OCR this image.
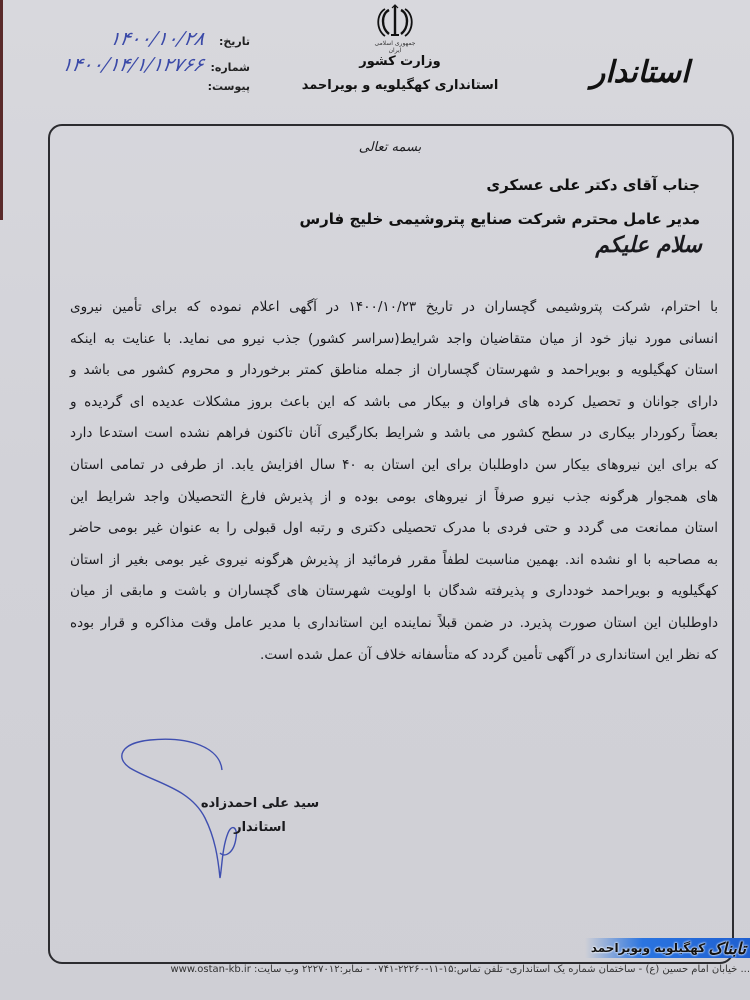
تاریخ:
۱۴۰۰/۱۰/۲۸
شماره:
۱۴۰۰/۱۴/۱/۱۲۷۶۶
پیوست:
جمهوری اسلامی ایران
وزارت کشور
استانداری کهگیلویه و بویراحمد	استاندار
بسمه تعالی
جناب آقای دکتر علی عسکری
مدیر عامل محترم شرکت صنایع پتروشیمی خلیج فارس
سلام علیکم
با احترام، شرکت پتروشیمی گچساران در تاریخ ۱۴۰۰/۱۰/۲۳ در آگهی اعلام نموده که برای تأمین نیروی
انسانی مورد نیاز خود از میان متقاضیان واجد شرایط(سراسر کشور) جذب نیرو می نماید. با عنایت به اینکه
استان کهگیلویه و بویراحمد و شهرستان گچساران از جمله مناطق کمتر برخوردار و محروم کشور می باشد و
دارای جوانان و تحصیل کرده های فراوان و بیکار می باشد که این باعث بروز مشکلات عدیده ای گردیده و
بعضاً رکوردار بیکاری در سطح کشور می باشد و شرایط بکارگیری آنان تاکنون فراهم نشده است استدعا دارد
که برای این نیروهای بیکار سن داوطلبان برای این استان به ۴۰ سال افزایش یابد. از طرفی در تمامی استان
های همجوار هرگونه جذب نیرو صرفاً از نیروهای بومی بوده و از پذیرش فارغ التحصیلان واجد شرایط این
استان ممانعت می گردد و حتی فردی با مدرک تحصیلی دکتری و رتبه اول قبولی را به عنوان غیر بومی حاضر
به مصاحبه با او نشده اند. بهمین مناسبت لطفاً مقرر فرمائید از پذیرش هرگونه نیروی غیر بومی بغیر از استان
کهگیلویه و بویراحمد خودداری و پذیرفته شدگان با اولویت شهرستان های گچساران و باشت و مابقی از میان
داوطلبان این استان صورت پذیرد. در ضمن قبلاً نماینده این استانداری با مدیر عامل وقت مذاکره و قرار بوده
که نظر این استانداری در آگهی تأمین گردد که متأسفانه خلاف آن عمل شده است.
سید علی احمدزاده
استاندار
... خیابان امام حسین (ع) - ساختمان شماره یک استانداری- تلفن تماس:۱۵-۱۱-۲۲۲۶۰-۰۷۴۱ - نمابر:۲۲۲۷۰۱۲ وب سایت: www.ostan-kb.ir
کهگیلویه وبویراحمد تابناک
